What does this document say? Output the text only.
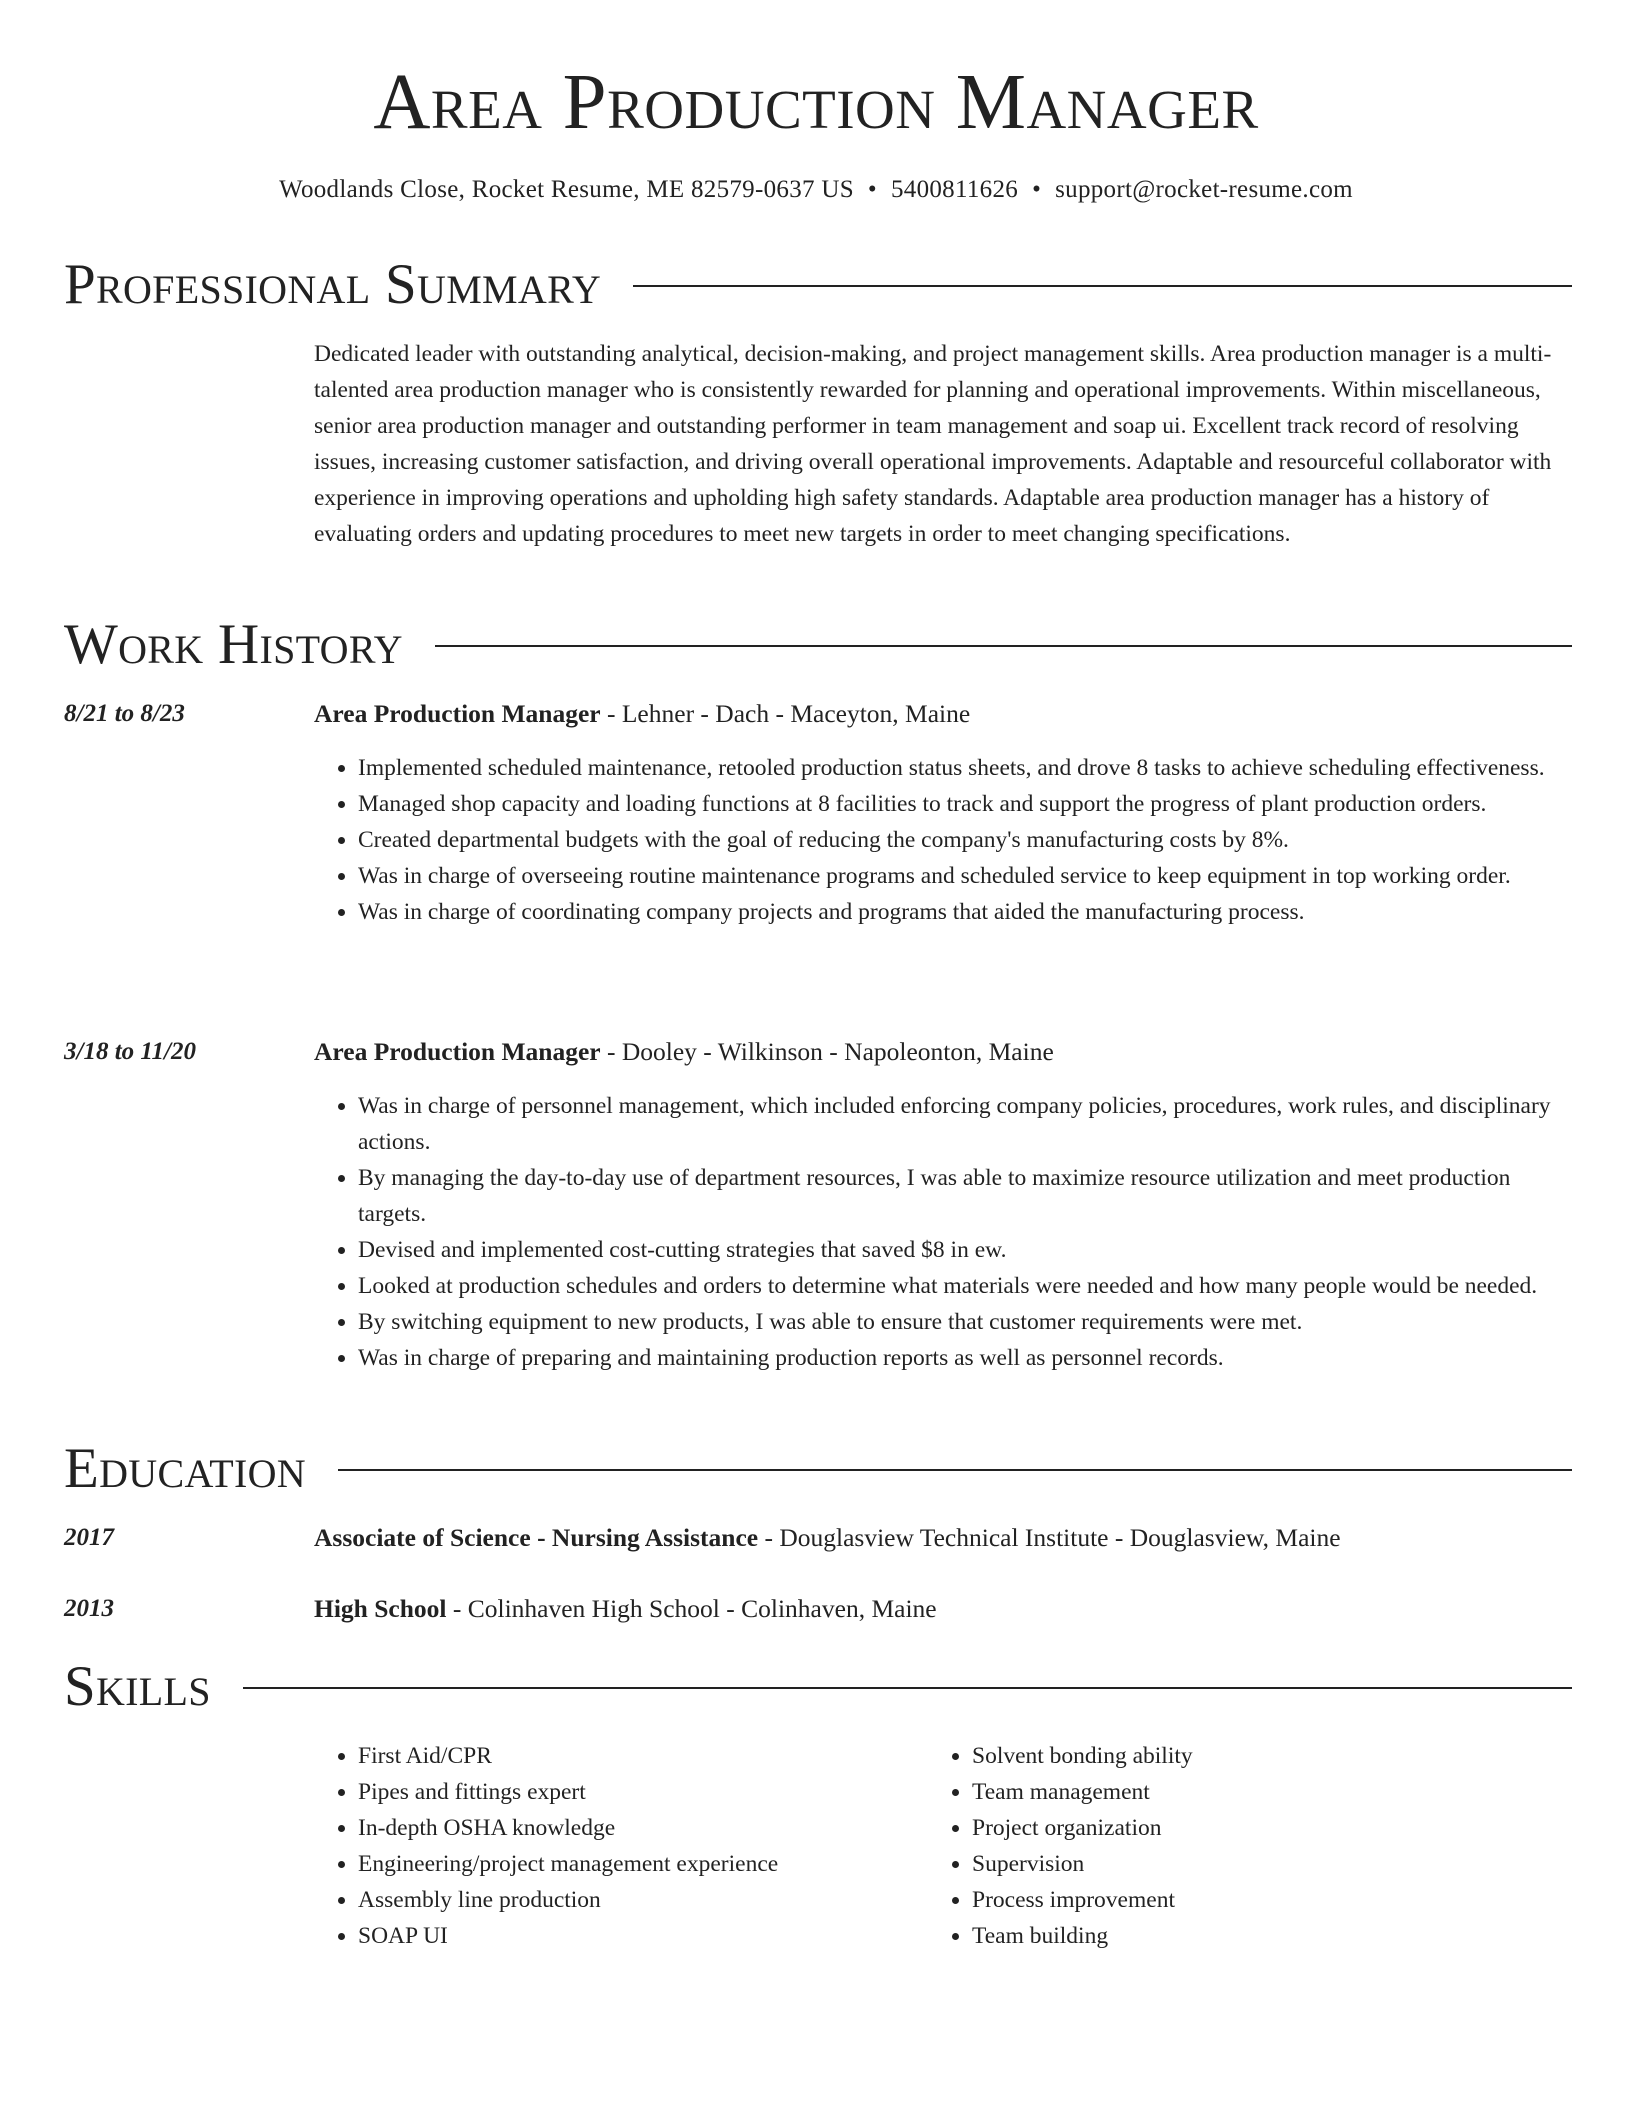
Area Production Manager
Woodlands Close, Rocket Resume, ME 82579-0637 US • 5400811626 • support@rocket-resume.com
Professional Summary
Dedicated leader with outstanding analytical, decision-making, and project management skills. Area production manager is a multi-talented area production manager who is consistently rewarded for planning and operational improvements. Within miscellaneous, senior area production manager and outstanding performer in team management and soap ui. Excellent track record of resolving issues, increasing customer satisfaction, and driving overall operational improvements. Adaptable and resourceful collaborator with experience in improving operations and upholding high safety standards. Adaptable area production manager has a history of evaluating orders and updating procedures to meet new targets in order to meet changing specifications.
Work History
8/21 to 8/23	Area Production Manager - Lehner - Dach - Maceyton, Maine
• Implemented scheduled maintenance, retooled production status sheets, and drove 8 tasks to achieve scheduling effectiveness.
• Managed shop capacity and loading functions at 8 facilities to track and support the progress of plant production orders.
• Created departmental budgets with the goal of reducing the company's manufacturing costs by 8%.
• Was in charge of overseeing routine maintenance programs and scheduled service to keep equipment in top working order.
• Was in charge of coordinating company projects and programs that aided the manufacturing process.
3/18 to 11/20	Area Production Manager - Dooley - Wilkinson - Napoleonton, Maine
• Was in charge of personnel management, which included enforcing company policies, procedures, work rules, and disciplinary actions.
• By managing the day-to-day use of department resources, I was able to maximize resource utilization and meet production targets.
• Devised and implemented cost-cutting strategies that saved $8 in ew.
• Looked at production schedules and orders to determine what materials were needed and how many people would be needed.
• By switching equipment to new products, I was able to ensure that customer requirements were met.
• Was in charge of preparing and maintaining production reports as well as personnel records.
Education
2017	Associate of Science - Nursing Assistance - Douglasview Technical Institute - Douglasview, Maine
2013	High School - Colinhaven High School - Colinhaven, Maine
Skills
• First Aid/CPR
• Pipes and fittings expert
• In-depth OSHA knowledge
• Engineering/project management experience
• Assembly line production
• SOAP UI
• Solvent bonding ability
• Team management
• Project organization
• Supervision
• Process improvement
• Team building
